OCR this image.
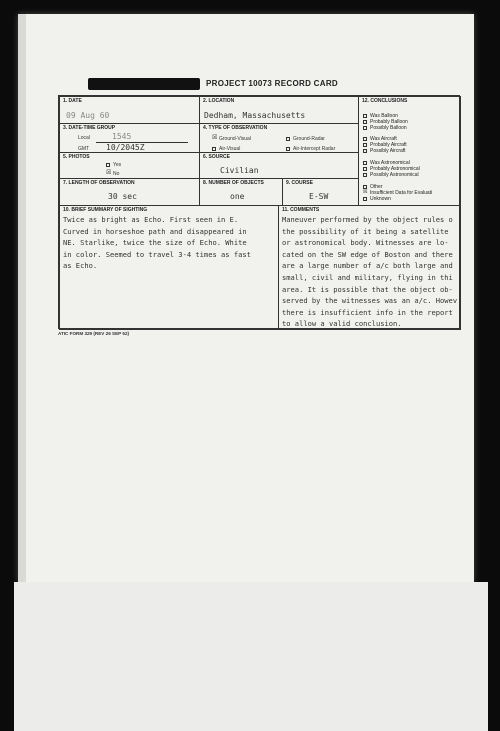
PROJECT 10073 RECORD CARD
1. DATE
09 Aug 60
2. LOCATION
Dedham, Massachusetts
3. DATE-TIME GROUP
Local	1545
GMT 10/2045Z
4. TYPE OF OBSERVATION
☒ Ground-Visual	Ground-Radar
Air-Visual	Air-Intercept Radar
5. PHOTOS
Yes
☒ No
6. SOURCE
Civilian
7. LENGTH OF OBSERVATION
30 sec
8. NUMBER OF OBJECTS
one
9. COURSE
E-SW
12. CONCLUSIONS
Was Balloon
Probably Balloon
Possibly Balloon
Was Aircraft
Probably Aircraft
Possibly Aircraft
Was Astronomical
Probably Astronomical
Possibly Astronomical
Other
☒ Insufficient Data for Evaluati
Unknown
10. BRIEF SUMMARY OF SIGHTING
Twice as bright as Echo. First seen in E.
Curved in horseshoe path and disappeared in
NE. Starlike, twice the size of Echo. White
in color. Seemed to travel 3-4 times as fast
as Echo.
11. COMMENTS
Maneuver performed by the object rules o
the possibility of it being a satellite
or astronomical body. Witnesses are lo-
cated on the SW edge of Boston and there
are a large number of a/c both large and
small, civil and military, flying in thi
area. It is possible that the object ob-
served by the witnesses was an a/c. Howev
there is insufficient info in the report
to allow a valid conclusion.
ATIC FORM 329 (REV 26 SEP 52)
